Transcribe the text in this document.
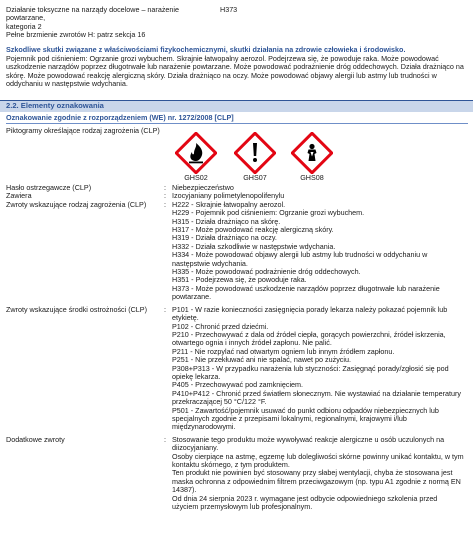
Działanie toksyczne na narządy docelowe – narażenie powtarzane,
H373
kategoria 2
Pełne brzmienie zwrotów H: patrz sekcja 16
Szkodliwe skutki związane z właściwościami fizykochemicznymi, skutki działania na zdrowie człowieka i środowisko.
Pojemnik pod ciśnieniem: Ogrzanie grozi wybuchem. Skrajnie łatwopalny aerozol. Podejrzewa się, że powoduje raka. Może powodować
uszkodzenie narządów poprzez długotrwałe lub narażenie powtarzane. Może powodować podrażnienie dróg oddechowych. Działa drażniąco na
skórę. Może powodować reakcję alergiczną skóry. Działa drażniąco na oczy. Może powodować objawy alergii lub astmy lub trudności w
oddychaniu w następstwie wdychania.
2.2. Elementy oznakowania
Oznakowanie zgodnie z rozporządzeniem (WE) nr. 1272/2008 [CLP]
Piktogramy określające rodzaj zagrożenia (CLP)
GHS02	GHS07	GHS08
Hasło ostrzegawcze (CLP)	: Niebezpieczeństwo
Zawiera	: Izocyjaniany polimetylenopolifenylu
Zwroty wskazujące rodzaj zagrożenia (CLP)	: H222 - Skrajnie łatwopalny aerozol.
H229 - Pojemnik pod ciśnieniem: Ogrzanie grozi wybuchem.
H315 - Działa drażniąco na skórę.
H317 - Może powodować reakcję alergiczną skóry.
H319 - Działa drażniąco na oczy.
H332 - Działa szkodliwie w następstwie wdychania.
H334 - Może powodować objawy alergii lub astmy lub trudności w oddychaniu w
następstwie wdychania.
H335 - Może powodować podrażnienie dróg oddechowych.
H351 - Podejrzewa się, że powoduje raka.
H373 - Może powodować uszkodzenie narządów poprzez długotrwałe lub narażenie
powtarzane.
Zwroty wskazujące środki ostrożności (CLP)	: P101 - W razie konieczności zasięgnięcia porady lekarza należy pokazać pojemnik lub
etykietę.
P102 - Chronić przed dziećmi.
P210 - Przechowywać z dala od źródeł ciepła, gorących powierzchni, źródeł iskrzenia,
otwartego ognia i innych źródeł zapłonu. Nie palić.
P211 - Nie rozpylać nad otwartym ogniem lub innym źródłem zapłonu.
P251 - Nie przekłuwać ani nie spalać, nawet po zużyciu.
P308+P313 - W przypadku narażenia lub styczności: Zasięgnąć porady/zgłosić się pod
opiekę lekarza.
P405 - Przechowywać pod zamknięciem.
P410+P412 - Chronić przed światłem słonecznym. Nie wystawiać na działanie temperatury
przekraczającej 50 °C/122 °F.
P501 - Zawartość/pojemnik usuwać do punkt odbioru odpadów niebezpiecznych lub
specjalnych zgodnie z przepisami lokalnymi, regionalnymi, krajowymi i/lub
międzynarodowymi.
Dodatkowe zwroty	: Stosowanie tego produktu może wywoływać reakcje alergiczne u osób uczulonych na
diizocyjaniany.
Osoby cierpiące na astmę, egzemę lub dolegliwości skórne powinny unikać kontaktu, w tym
kontaktu skórnego, z tym produktem.
Ten produkt nie powinien być stosowany przy słabej wentylacji, chyba że stosowana jest
maska ochronna z odpowiednim filtrem przeciwgazowym (np. typu A1 zgodnie z normą EN
14387).
Od dnia 24 sierpnia 2023 r. wymagane jest odbycie odpowiedniego szkolenia przed
użyciem przemysłowym lub profesjonalnym.
